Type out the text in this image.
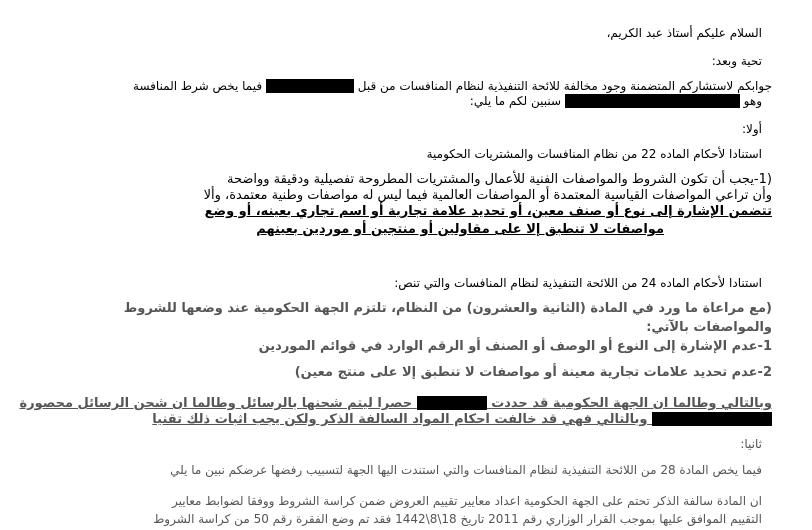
السلام عليكم أستاذ عبد الكريم،
تحية وبعد:
جوابكم لاستشاركم المتضمنة وجود مخالفة للائحة التنفيذية لنظام المنافسات من قبل  فيما يخص شرط المنافسة
وهو  سنبين لكم ما يلي:
أولا:
استنادا لأحكام الماده 22 من نظام المنافسات والمشتريات الحكومية
(1-يجب أن تكون الشروط والمواصفات الفنية للأعمال والمشتريات المطروحة تفصيلية ودقيقة وواضحة
وأن تراعي المواصفات القياسية المعتمدة أو المواصفات العالمية فيما ليس له مواصفات وطنية معتمدة، وألا
تتضمن الإشارة إلى نوع أو صنف معين، أو تحديد علامة تجارية أو اسم تجاري بعينه، أو وضع
مواصفات لا تنطبق إلا على مقاولين أو منتجين أو موردين بعينهم
استنادا لأحكام الماده 24 من اللائحة التنفيذية لنظام المنافسات والتي تنص:
(مع مراعاة ما ورد في المادة (الثانية والعشرون) من النظام، تلتزم الجهة الحكومية عند وضعها للشروط
والمواصفات بالآتي:
1-عدم الإشارة إلى النوع أو الوصف أو الصنف أو الرقم الوارد في قوائم الموردين
2-عدم تحديد علامات تجارية معينة أو مواصفات لا تنطبق إلا على منتج معين)
وبالتالي وطالما ان الجهة الحكومية قد حددت  حصرا ليتم شحنها بالرسائل وطالما ان شحن الرسائل محصورة
وبالتالي فهي قد خالفت احكام المواد السالفة الذكر ولكن يجب اثبات ذلك تقنيا
ثانيا:
فيما يخص المادة 28 من اللائحة التنفيذية لنظام المنافسات والتي استندت اليها الجهة لتسبيب رفضها عرضكم نبين ما يلي
ان المادة سالفة الذكر تحتم على الجهة الحكومية اعداد معايير تقييم العروض ضمن كراسة الشروط ووفقا لضوابط معايير
التقييم الموافق عليها بموجب القرار الوزاري رقم 2011 تاريخ 18\8\1442 فقد تم وضع الفقرة رقم 50 من كراسة الشروط
